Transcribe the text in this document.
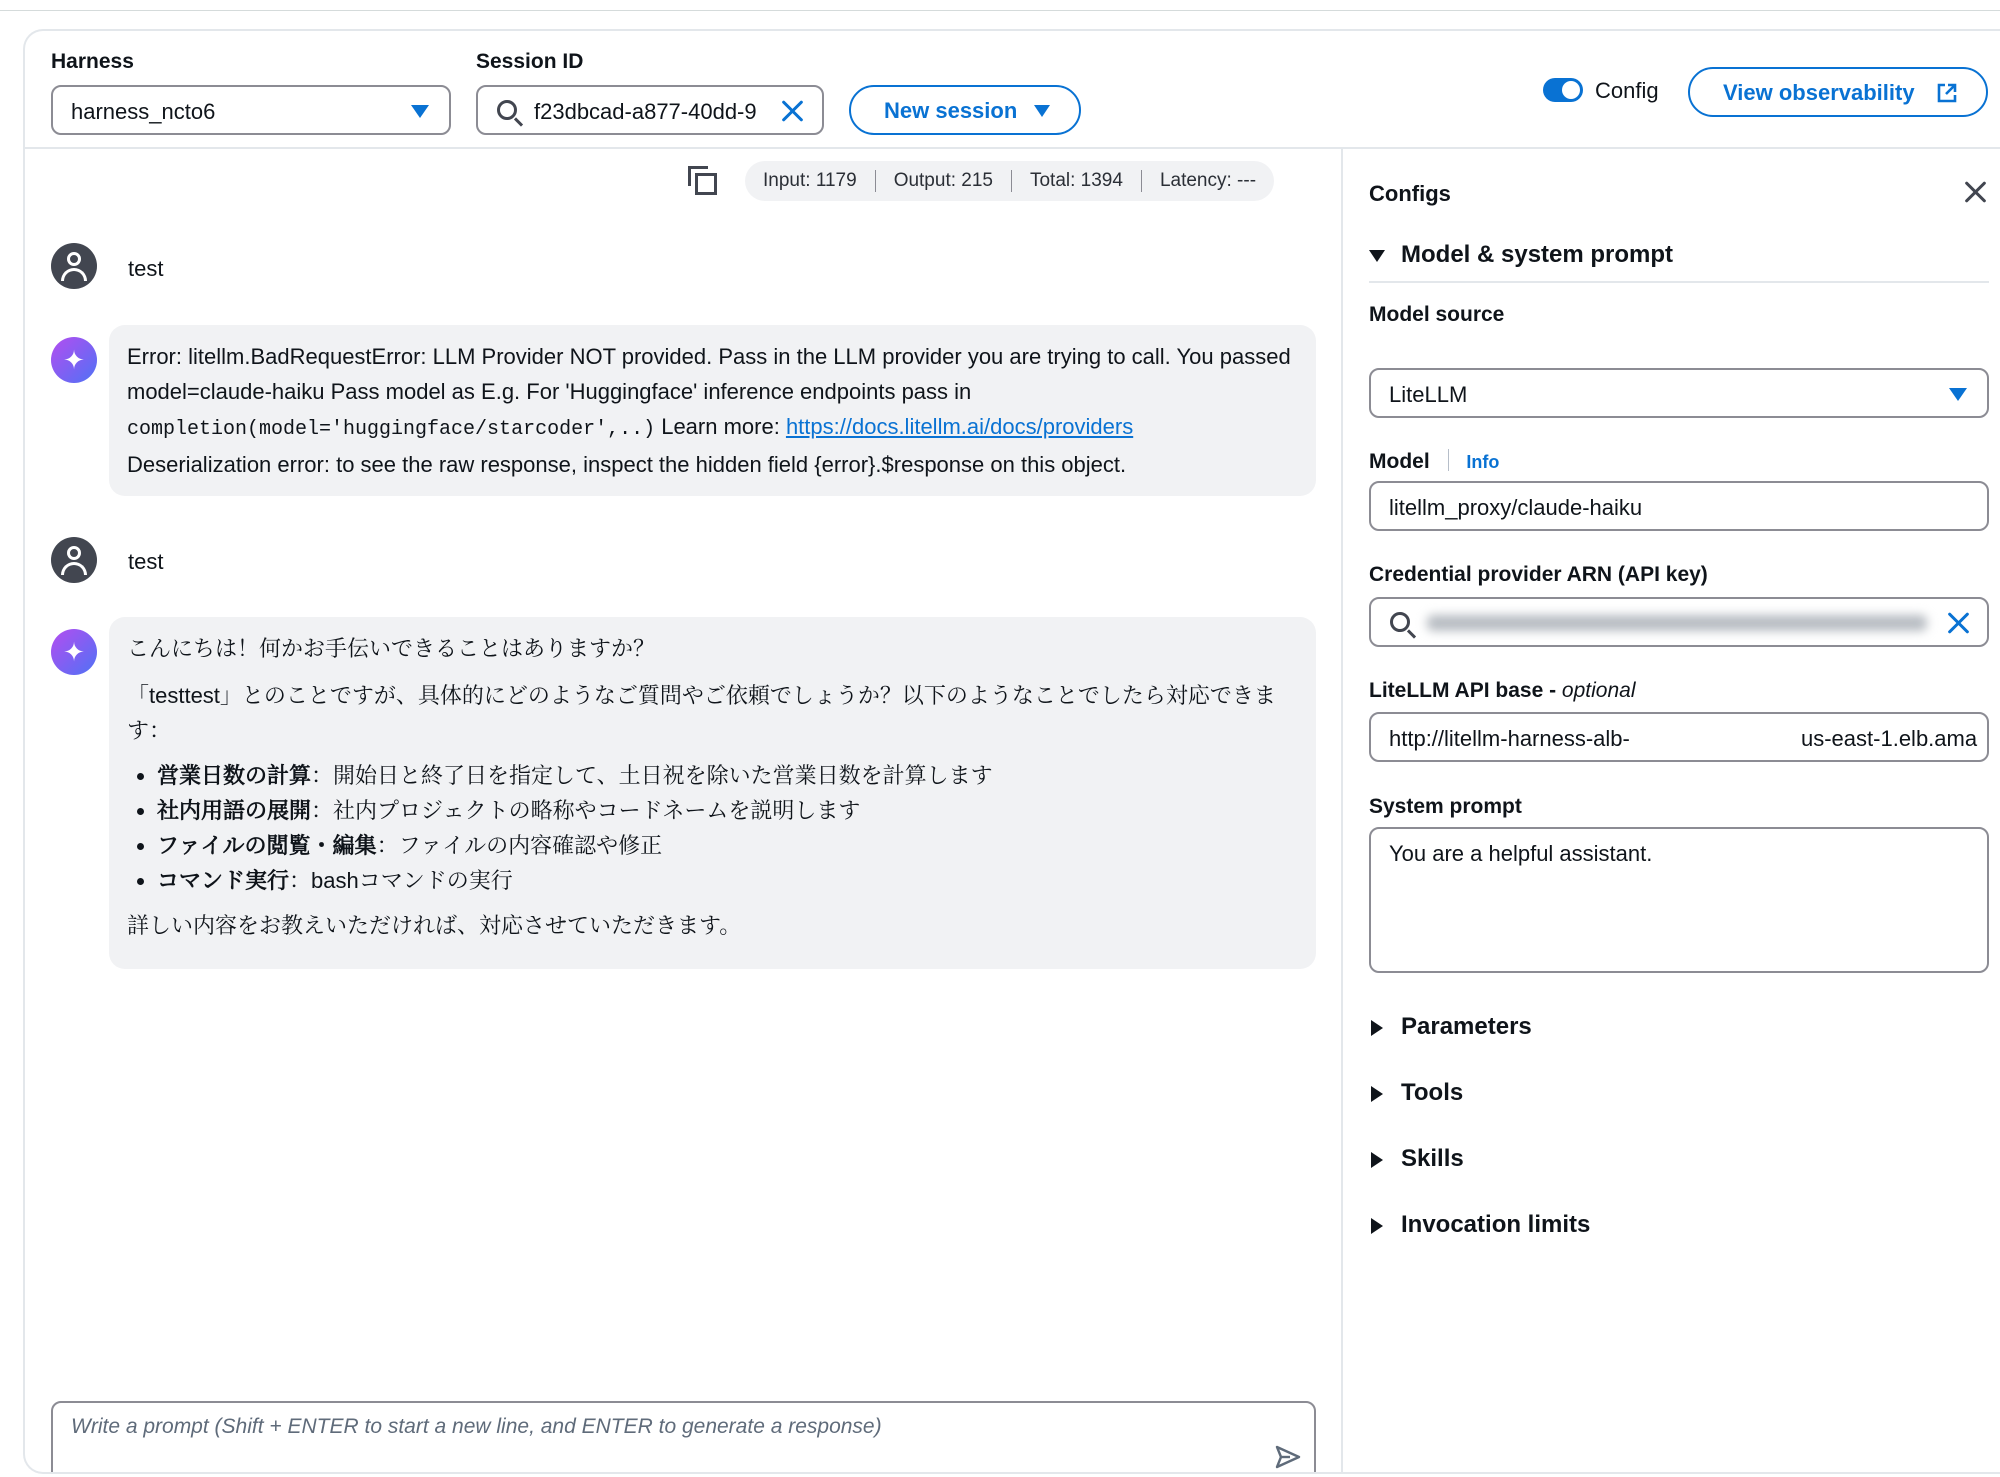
Harness
harness_ncto6
Session ID
f23dbcad-a877-40dd-9	New session
Config	View observability
Input: 1179	Output: 215	Total: 1394	Latency: ---
test
✦	Error: litellm.BadRequestError: LLM Provider NOT provided. Pass in the LLM provider you are trying to call. You passed model=claude-haiku Pass model as E.g. For 'Huggingface' inference endpoints pass in
completion(model='huggingface/starcoder',..) Learn more: https://docs.litellm.ai/docs/providers
Deserialization error: to see the raw response, inspect the hidden field {error}.$response on this object.

test
✦	こんにちは！何かお手伝いできることはありますか？

「testtest」とのことですが、具体的にどのようなご質問やご依頼でしょうか？以下のようなことでしたら対応できます：

• 営業日数の計算：開始日と終了日を指定して、土日祝を除いた営業日数を計算します
• 社内用語の展開：社内プロジェクトの略称やコードネームを説明します
• ファイルの閲覧・編集：ファイルの内容確認や修正
• コマンド実行：bashコマンドの実行

詳しい内容をお教えいただければ、対応させていただきます。

Write a prompt (Shift + ENTER to start a new line, and ENTER to generate a response)
Configs
Model & system prompt
Model source
LiteLLM
Model Info
litellm_proxy/claude-haiku
Credential provider ARN (API key)
LiteLLM API base - optional
http://litellm-harness-alb-	us-east-1.elb.ama
System prompt
You are a helpful assistant.
Parameters
Tools
Skills
Invocation limits
